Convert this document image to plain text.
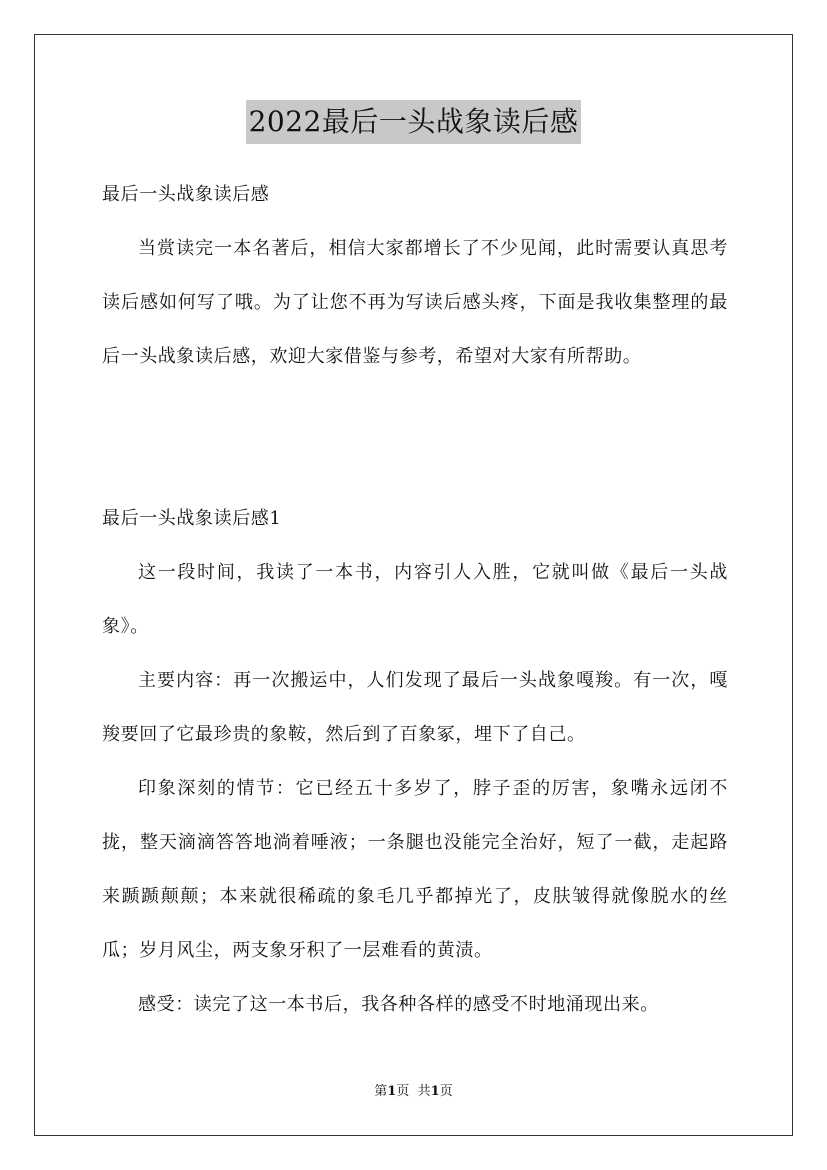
2022最后一头战象读后感

最后一头战象读后感

当赏读完一本名著后，相信大家都增长了不少见闻，此时需要认真思考读后感如何写了哦。为了让您不再为写读后感头疼，下面是我收集整理的最后一头战象读后感，欢迎大家借鉴与参考，希望对大家有所帮助。

最后一头战象读后感1

这一段时间，我读了一本书，内容引人入胜，它就叫做《最后一头战象》。

主要内容：再一次搬运中，人们发现了最后一头战象嘎羧。有一次，嘎羧要回了它最珍贵的象鞍，然后到了百象冢，埋下了自己。

印象深刻的情节：它已经五十多岁了，脖子歪的厉害，象嘴永远闭不拢，整天滴滴答答地淌着唾液；一条腿也没能完全治好，短了一截，走起路来踬踬颠颠；本来就很稀疏的象毛几乎都掉光了，皮肤皱得就像脱水的丝瓜；岁月风尘，两支象牙积了一层难看的黄渍。

感受：读完了这一本书后，我各种各样的感受不时地涌现出来。

第1页 共1页
